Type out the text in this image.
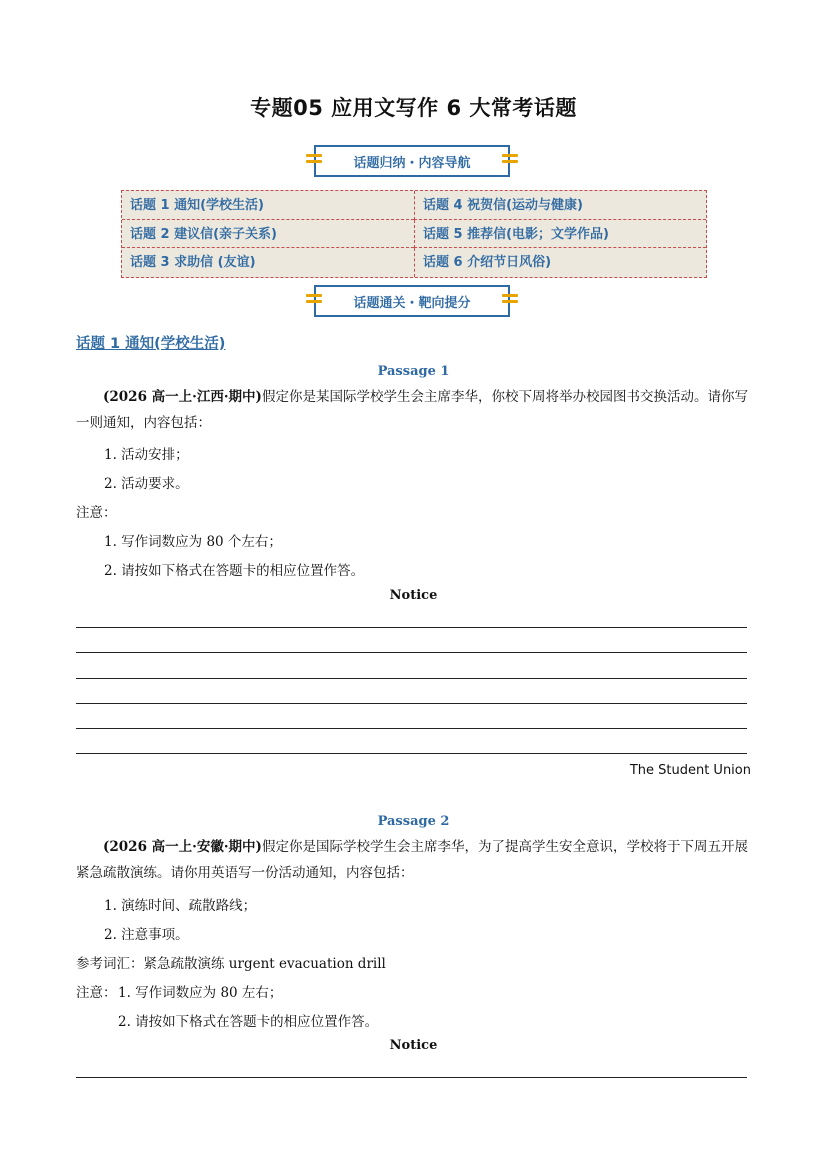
专题05 应用文写作 6 大常考话题
话题归纳・内容导航
话题 1 通知(学校生活)	话题 4 祝贺信(运动与健康)
话题 2 建议信(亲子关系)	话题 5 推荐信(电影；文学作品)
话题 3 求助信 (友谊)	话题 6 介绍节日风俗)
话题通关・靶向提分
话题 1 通知(学校生活)
Passage 1
(2026 高一上·江西·期中)假定你是某国际学校学生会主席李华，你校下周将举办校园图书交换活动。请你写一则通知，内容包括：
1. 活动安排；
2. 活动要求。
注意：
1. 写作词数应为 80 个左右；
2. 请按如下格式在答题卡的相应位置作答。
Notice
The Student Union
Passage 2
(2026 高一上·安徽·期中)假定你是国际学校学生会主席李华，为了提高学生安全意识，学校将于下周五开展紧急疏散演练。请你用英语写一份活动通知，内容包括：
1. 演练时间、疏散路线；
2. 注意事项。
参考词汇：紧急疏散演练 urgent evacuation drill
注意： 1. 写作词数应为 80 左右；
2. 请按如下格式在答题卡的相应位置作答。
Notice
